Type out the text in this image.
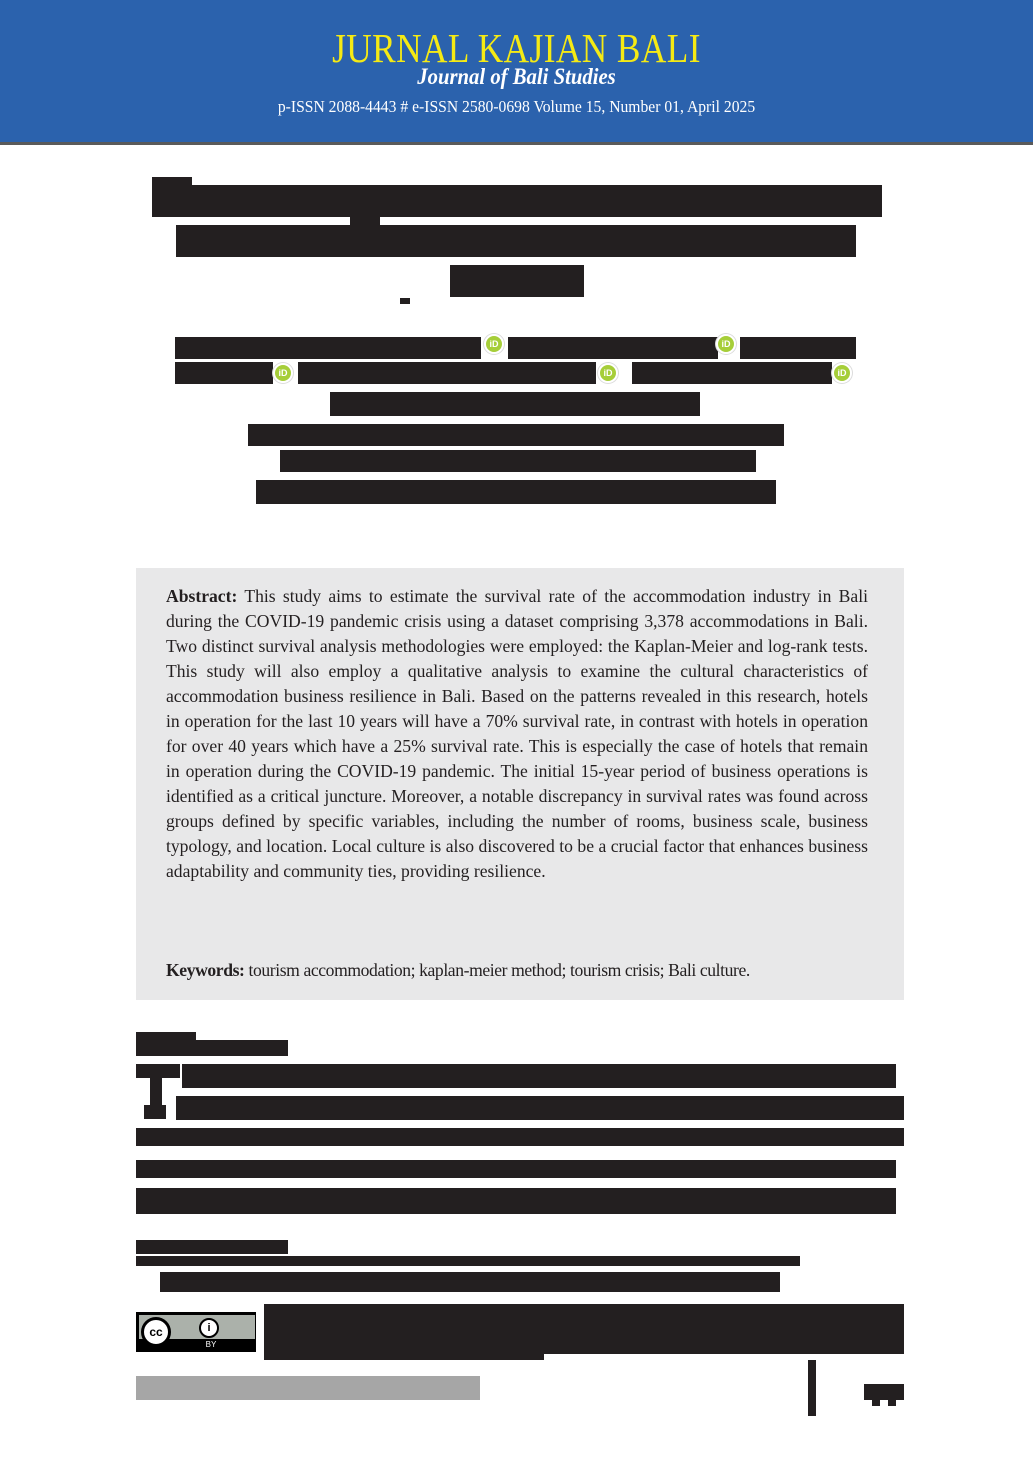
JURNAL KAJIAN BALI
Journal of Bali Studies
p-ISSN 2088-4443 # e-ISSN 2580-0698 Volume 15, Number 01, April 2025
iD	iD
iD	iD	iD

Abstract: This study aims to estimate the survival rate of the accommodation industry in Bali during the COVID-19 pandemic crisis using a dataset comprising 3,378 accommodations in Bali. Two distinct survival analysis methodologies were employed: the Kaplan-Meier and log-rank tests. This study will also employ a qualitative analysis to examine the cultural characteristics of accommodation business resilience in Bali. Based on the patterns revealed in this research, hotels in operation for the last 10 years will have a 70% survival rate, in contrast with hotels in operation for over 40 years which have a 25% survival rate. This is especially the case of hotels that remain in operation during the COVID-19 pandemic. The initial 15-year period of business operations is identified as a critical juncture. Moreover, a notable discrepancy in survival rates was found across groups defined by specific variables, including the number of rooms, business scale, business typology, and location. Local culture is also discovered to be a crucial factor that enhances business adaptability and community ties, providing resilience.

Keywords: tourism accommodation; kaplan-meier method; tourism crisis; Bali culture.

cc	i
BY
